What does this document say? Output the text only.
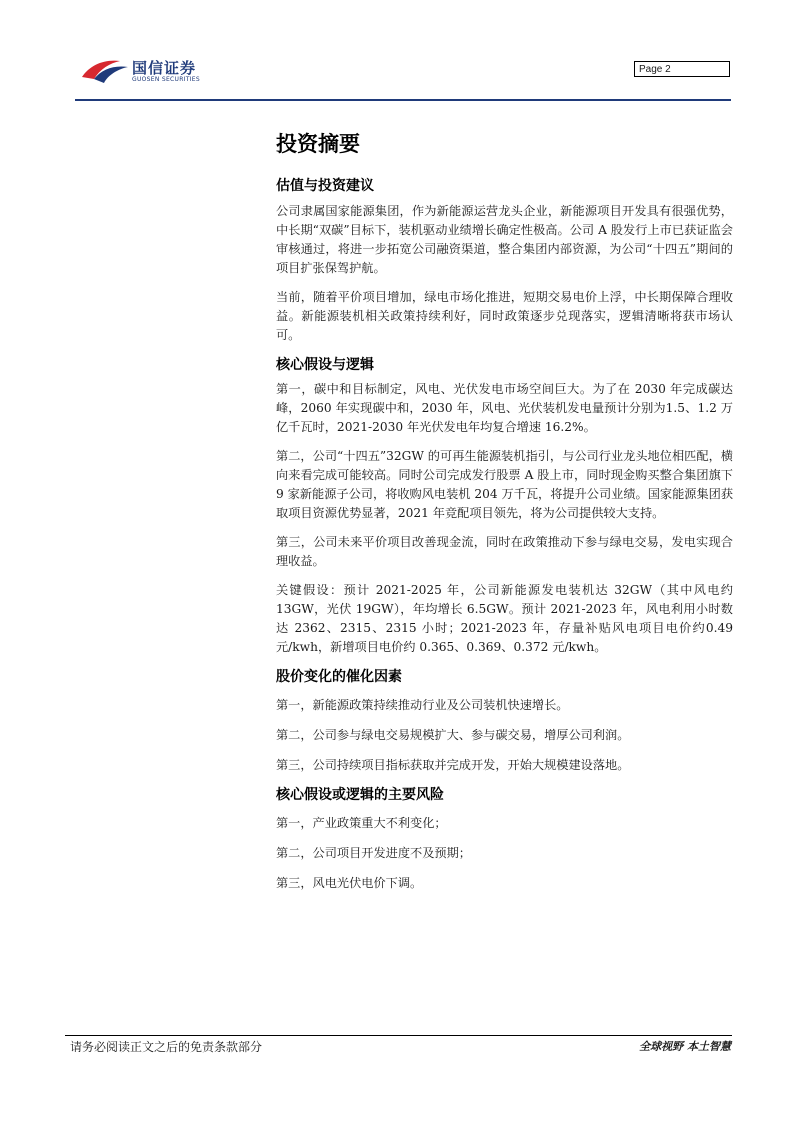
国信证券
GUOSEN SECURITIES
Page 2
投资摘要
估值与投资建议

公司隶属国家能源集团，作为新能源运营龙头企业，新能源项目开发具有很强优势，中长期“双碳”目标下，装机驱动业绩增长确定性极高。公司 A 股发行上市已获证监会审核通过，将进一步拓宽公司融资渠道，整合集团内部资源，为公司“十四五”期间的项目扩张保驾护航。

当前，随着平价项目增加，绿电市场化推进，短期交易电价上浮，中长期保障合理收益。新能源装机相关政策持续利好，同时政策逐步兑现落实，逻辑清晰将获市场认可。

核心假设与逻辑

第一，碳中和目标制定，风电、光伏发电市场空间巨大。为了在 2030 年完成碳达峰，2060 年实现碳中和，2030 年，风电、光伏装机发电量预计分别为1.5、1.2 万亿千瓦时，2021-2030 年光伏发电年均复合增速 16.2%。

第二，公司“十四五”32GW 的可再生能源装机指引，与公司行业龙头地位相匹配，横向来看完成可能较高。同时公司完成发行股票 A 股上市，同时现金购买整合集团旗下 9 家新能源子公司，将收购风电装机 204 万千瓦，将提升公司业绩。国家能源集团获取项目资源优势显著，2021 年竞配项目领先，将为公司提供较大支持。

第三，公司未来平价项目改善现金流，同时在政策推动下参与绿电交易，发电实现合理收益。

关键假设：预计 2021-2025 年，公司新能源发电装机达 32GW（其中风电约13GW，光伏 19GW），年均增长 6.5GW。预计 2021-2023 年，风电利用小时数达 2362、2315、2315 小时；2021-2023 年，存量补贴风电项目电价约0.49 元/kwh，新增项目电价约 0.365、0.369、0.372 元/kwh。

股价变化的催化因素

第一，新能源政策持续推动行业及公司装机快速增长。

第二，公司参与绿电交易规模扩大、参与碳交易，增厚公司利润。

第三，公司持续项目指标获取并完成开发，开始大规模建设落地。

核心假设或逻辑的主要风险

第一，产业政策重大不利变化；

第二，公司项目开发进度不及预期；

第三，风电光伏电价下调。

请务必阅读正文之后的免责条款部分	全球视野 本土智慧
